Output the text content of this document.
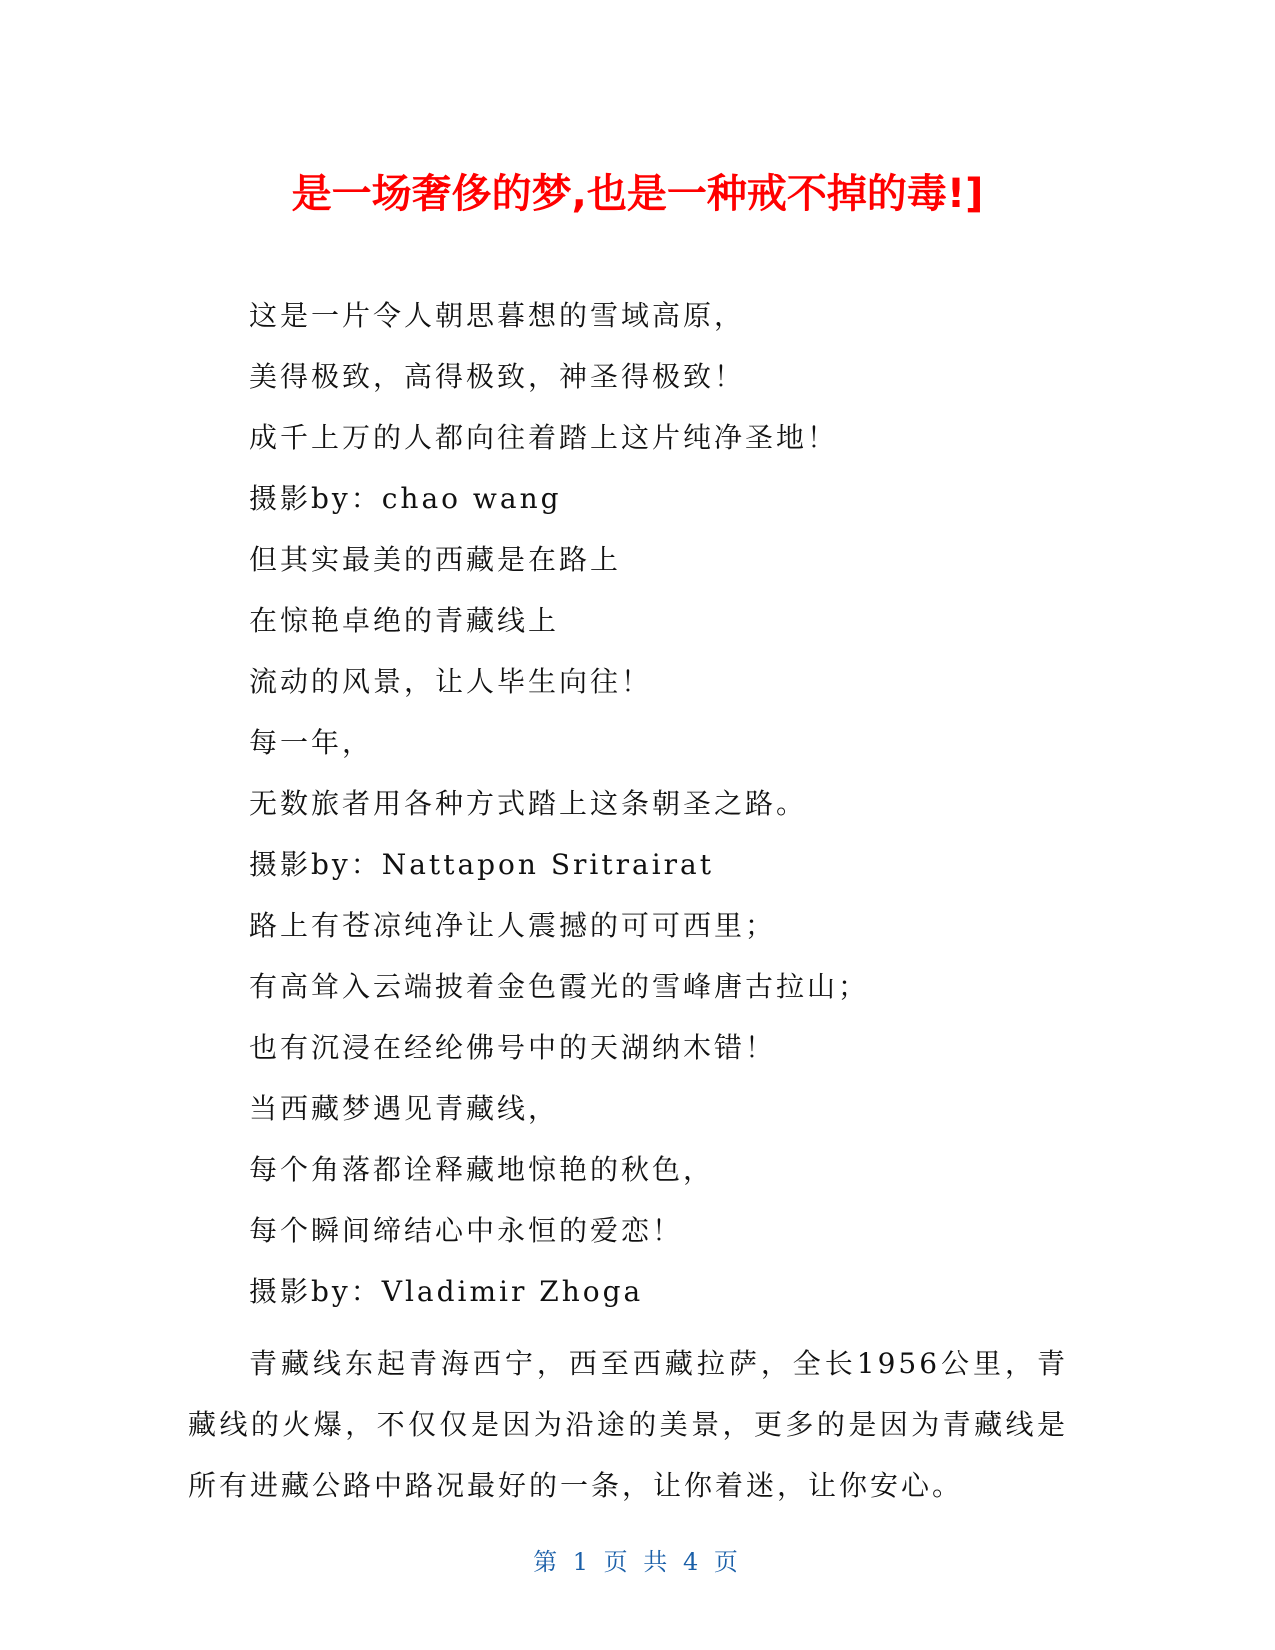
是一场奢侈的梦,也是一种戒不掉的毒!]

这是一片令人朝思暮想的雪域高原，

美得极致，高得极致，神圣得极致！

成千上万的人都向往着踏上这片纯净圣地！

摄影by：chao wang

但其实最美的西藏是在路上

在惊艳卓绝的青藏线上

流动的风景，让人毕生向往！

每一年，

无数旅者用各种方式踏上这条朝圣之路。

摄影by：Nattapon Sritrairat

路上有苍凉纯净让人震撼的可可西里；

有高耸入云端披着金色霞光的雪峰唐古拉山；

也有沉浸在经纶佛号中的天湖纳木错！

当西藏梦遇见青藏线，

每个角落都诠释藏地惊艳的秋色，

每个瞬间缔结心中永恒的爱恋！

摄影by：Vladimir Zhoga

青藏线东起青海西宁，西至西藏拉萨，全长1956公里，青藏线的火爆，不仅仅是因为沿途的美景，更多的是因为青藏线是所有进藏公路中路况最好的一条，让你着迷，让你安心。

第 1 页 共 4 页
